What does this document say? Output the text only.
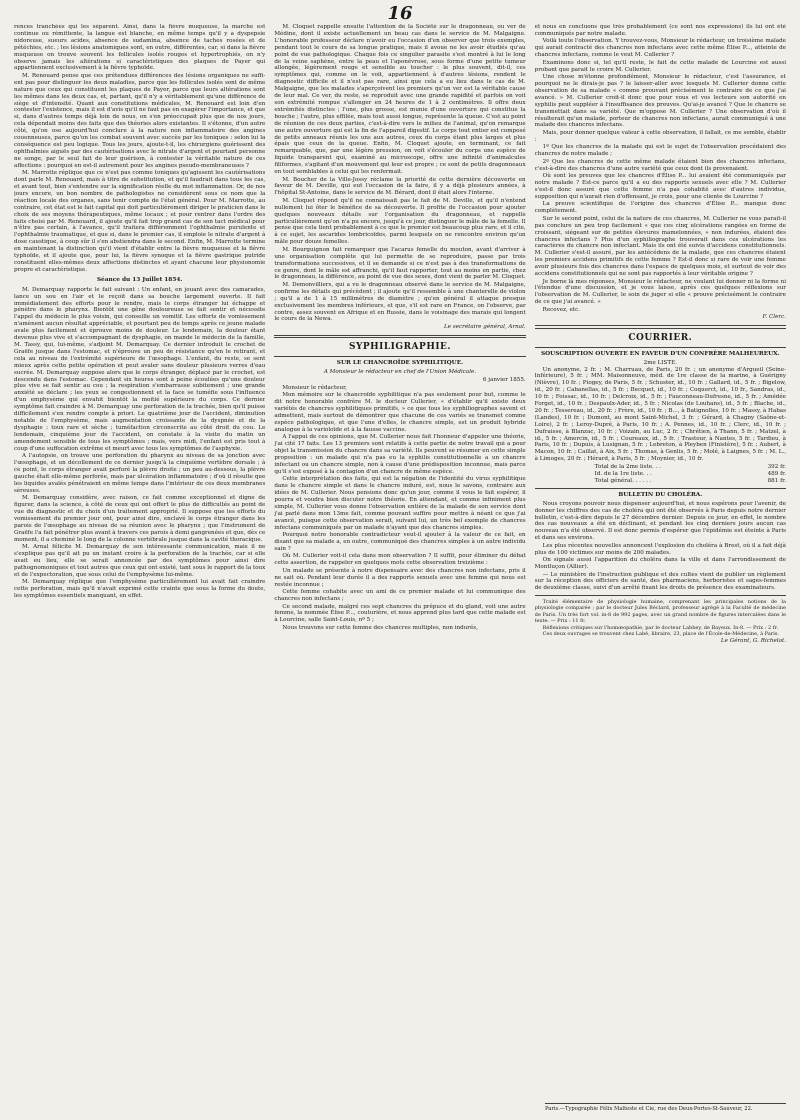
16

rences tranchées qui les séparent. Ainsi, dans la fièvre muqueuse, la marche est continue ou rémittente, la langue est blanche, en même temps qu'il y a dyspepsie nidoreuse, sueurs acides, absence de sudamina, absence de taches rosées et de pétéchies, etc. ; les lésions anatomiques sont, en outre, différentes, car, si dans la fièvre muqueuse on trouve souvent les follicules isolés rouges et hypertrophiés, on n'y observe jamais les altérations si caractéristiques des plaques de Payer qui appartiennent exclusivement à la fièvre typhoïde.

M. Renouard pense que ces prétendues différences des lésions organiques ne suffi-ent pas pour distinguer les deux maladies, parce que les follicules isolés sont de même nature que ceux qui constituent les plaques de Payer, parce que leurs altérations sont les mêmes dans les deux cas, et, partant, qu'il n'y a véritablement qu'une différence de siège et d'intensité. Quant aux constitutions médicales, M. Renouard est loin d'en contester l'existence, mais il est d'avis qu'il ne faut pas en exagérer l'importance, et que si, dans d'autres temps déjà loin de nous, on s'en préoccupait plus que de nos jours, cela dépendait moins des faits que des théories alors existantes. Il s'étonne, d'un autre côté, qu'on ose aujourd'hui conclure à la nature non inflammatoire des angines couenneuses, parce qu'on les combat souvent avec succès par les toniques : selon lui la conséquence est peu logique. Tous les jours, ajoute-t-il, les chirurgiens guérissent des ophthalmies aiguës par des cautérisations avec le nitrate d'argent et pourtant personne ne songe, par le seul fait de leur guérison, à contester la véritable nature de ces affections : pourquoi en est-il autrement pour les angines pseudo-membraneuses ?

M. Marrotte réplique que ce n'est pas comme toniques qu'agissent les cautérisations dont parle M. Renouard, mais à titre de substitution, et qu'il faudrait dans tous les cas, et avant tout, bien s'entendre sur la signification réelle du mot inflammation. Or, de nos jours encore, un bon nombre de pathologistes ne considèrent sous ce nom que la réaction locale des organes, sans tenir compte de l'état général. Pour M. Marrotte, au contraire, cet état est le fait capital qui doit particulièrement diriger le praticien dans le choix de ses moyens thérapeutiques, même locaux ; et pour rentrer dans l'ordre des faits choisi par M. Renouard, il ajoute qu'il fait trop grand cas de son tact médical pour n'être pas certain, à l'avance, qu'il traitera différemment l'ophthalmie purulente et l'ophthalmie traumatique, et que si, dans le premier cas, il emploie le nitrate d'argent à dose caustique, à coup sûr il s'en abstiendra dans le second. Enfin, M. Marrotte termine en maintenant la distinction qu'il vient d'établir entre la fièvre muqueuse et la fièvre typhoïde, et il ajoute que, pour lui, la fièvre synoque et la fièvre gastrique putride constituent elles-mêmes deux affections distinctes et ayant chacune leur physionomie propre et caractéristique.

Séance du 13 Juillet 1854.

M. Demarquay rapporte le fait suivant : Un enfant, en jouant avec des camarades, lance un sou en l'air et le reçoit dans sa bouche largement ouverte. Il fait immédiatement des efforts pour le rendre, mais le corps étranger lui échappe et pénètre dans le pharynx. Bientôt une gêne douloureuse se fait sentir et nécessite l'appel du médecin le plus voisin, qui conseille un vomitif. Les efforts de vomissement n'amènent aucun résultat appréciable, et pourtant peu de temps après ce jeune malade avale plus facilement et éprouve moins de douleur. Le lendemain, la douleur étant devenue plus vive et s'accompagnant de dysphagie, on mande le médecin de la famille, M. Tassy, qui, lui-même, s'adjoint M. Demarquay. Ce dernier introduit le crochet de Graëfe jusque dans l'estomac, et n'éprouve un peu de résistance qu'en le retirant, et cela au niveau de l'extrémité supérieure de l'œsophage. L'enfant, du reste, se sent mieux après cette petite opération et peut avaler sans douleur plusieurs verres d'eau sucrée. M. Demarquay suppose alors que le corps étranger, déplacé par le crochet, est descendu dans l'estomac. Cependant six heures sont à peine écoulées qu'une douleur plus vive se fait sentir au cou ; la respiration s'embarrasse subitement ; une grande anxiété se déclare ; les yeux se congestionnent et la face se tuméfie sous l'influence d'un emphysème qui envahit bientôt la moitié supérieure du corps. Ce dernier symptôme fait craindre à M. Demarquay une perforation de la trachée, bien qu'il puisse difficilement s'en rendre compte à priori. Le quatrième jour de l'accident, diminution notable de l'emphysème, mais augmentation croissante de la dyspnée et de la dysphagie ; toux rare et sèche ; tuméfaction circonscrite au côté droit du cou. Le lendemain, cinquième jour de l'accident, on constate à la visite du matin un amendement sensible de tous les symptômes ; mais, vers midi, l'enfant est pris tout à coup d'une suffocation extrême et meurt avec tous les symptômes de l'asphyxie.

A l'autopsie, on trouve une perforation du pharynx au niveau de sa jonction avec l'œsophage, et un décollement de ce dernier jusqu'à la cinquième vertèbre dorsale ; à ce point, le corps étranger avait perforé la plèvre droite ; un peu au-dessous, la plèvre gauche était elle-même perforée, mais par ulcération inflammatoire ; d'où il résulte que les liquides avalés pénétraient en même temps dans l'intérieur de ces deux membranes séreuses.

M. Demarquay considère, avec raison, ce fait comme exceptionnel et digne de figurer, dans la science, à côté de ceux qui ont offert le plus de difficultés au point de vue du diagnostic et du choix d'un traitement approprié. Il suppose que les efforts du vomissement du premier jour ont, pour ainsi dire, enclavé le corps étranger dans les parois de l'œsophage au niveau de sa réunion avec le pharynx ; que l'instrument de Graëfe l'a fait pénétrer plus avant à travers ces parois à demi gangrenées et que, dès ce moment, il a cheminé le long de la colonne vertébrale jusque dans la cavité thoracique.

M. Arnal félicite M. Demarquay de son intéressante communication, mais il ne s'explique pas qu'il ait pu un instant croire à la perforation de la trachée, car si elle avait eu lieu, elle se serait annoncée par des symptômes pour ainsi dire pathognomoniques et tout autres que ceux qui ont existé, tant sous le rapport de la toux et de l'expectoration, que sous celui de l'emphysème lui-même.

M. Demarquay réplique que l'emphysème particulièrement lui avait fait craindre cette perforation, mais qu'il n'avait exprimé cette crainte que sous la forme du doute, les symptômes essentiels manquant, en effet.

M. Cloquet rappelle ensuite l'attention de la Société sur le dragonneau, ou ver de Médine, dont il existe actuellement un beau cas dans le service de M. Malgaigne. L'honorable professeur déclare n'avoir eu l'occasion d'en observer que trois exemples, pendant tout le cours de sa longue pratique, mais il avoue ne les avoir étudiés qu'au point de vue pathologique. Chaque fois ce singulier parasite s'est montré à lui le long de la veine saphène, entre la peau et l'aponévrose, sous forme d'une petite tumeur allongée, légèrement rouge et sensible au toucher : le plus souvent, dit-il, ces symptômes qui, comme on le voit, appartiennent à d'autres lésions, rendent le diagnostic difficile et il n'est pas rare, ainsi que cela a eu lieu dans le cas de M. Malgaigne, que les malades s'aperçoivent les premiers qu'un ver est la véritable cause de leur mal. Ce ver, du reste, se reproduit avec une grande rapidité et parfois on voit son extrémité rompue s'allonger en 24 heures de 1 à 2 centimètres. Il offre deux extrémités distinctes ; l'une, plus grosse, est munie d'une ouverture qui constitue la bouche ; l'autre, plus effilée, mais tout aussi longue, représente la queue. C'est au point de réunion de ces deux parties, c'est-à-dire vers le milieu de l'animal, qu'on remarque une autre ouverture qui est la fin de l'appareil digestif. Le corps tout entier est composé de petits anneaux réunis les uns aux autres, ceux du corps étant plus larges et plus épais que ceux de la queue. Enfin, M. Cloquet ajoute, en terminant, ce fait remarquable, que, par une légère pression, on voit s'écouler du corps une espèce de liquide transparent qui, examiné au microscope, offre une infinité d'animalcules filiformes, s'agitant d'un mouvement qui leur est propre ; ce sont de petits dragonneaux en tout semblables à celui qui les renfermait.

M. Boucher de la Ville-Jossy réclame la priorité de cette dernière découverte en faveur de M. Deville, qui eut l'occasion de la faire, il y a déjà plusieurs années, à l'hôpital St-Antoine, dans le service de M. Bérard, dont il était alors l'interne.

M. Cloquet répond qu'il ne connaissait pas le fait de M. Deville, et qu'il n'entend nullement lui ôter le bénéfice de sa découverte. Il profite de l'occasion pour ajouter quelques nouveaux détails sur l'organisation du dragonneau, et rappelle particulièrement qu'on n'a pu encore, jusqu'à ce jour, distinguer le mâle de la femelle. Il pense que cela tient probablement à ce que le premier est beaucoup plus rare, et il cite, à ce sujet, les ascarides lombricoïdes, parmi lesquels on ne rencontre environ qu'un mâle pour douze femelles.

M. Bourguignon fait remarquer que l'acarus femelle du mouton, avant d'arriver à une organisation complète qui lui permette de se reproduire, passe par trois transformations successives, et il se demande si ce n'est pas à des transformations de ce genre, dont le mâle est affranchi, qu'il faut rapporter, tout au moins en partie, chez le dragonneau, la différence, au point de vue des sexes, dont vient de parler M. Cloquet.

M. Demonvilliers, qui a vu le dragonneau observé dans le service de M. Malgaigne, confirme les détails qui précèdent ; il ajoute qu'il ressemble à une chanterelle de violon ; qu'il a de 1 à 15 millimètres de diamètre ; qu'en général il attaque presque exclusivement les membres inférieurs, et que, s'il est rare en France, on l'observe, par contre, assez souvent en Afrique et en Russie, dans le voisinage des marais qui longent le cours de la Newa.

Le secrétaire général, Arnal.

SYPHILIGRAPHIE.
SUR LE CHANCROÏDE SYPHILITIQUE.
A Monsieur le rédacteur en chef de l'Union Médicale.

6 janvier 1855.

Monsieur le rédacteur,

Mon mémoire sur le chancroïde syphilitique n'a pas seulement pour but, comme le dit notre honorable confrère M. le docteur Cullerier, « d'établir qu'il existe deux variétés de chancres syphilitiques primitifs, » ce que tous les syphiliographes savent et admettent, mais surtout de démontrer que chacune de ces variés se transmet comme espèce pathologique, et que l'une d'elles, le chancre simple, est un produit hybride analogue à la varioloïde et à la fausse vaccine.

A l'appui de ces opinions, que M. Cullerier nous fait l'honneur d'appeler une théorie, j'ai cité 17 faits. Les 13 premiers sont relatifs à cette partie de notre travail qui a pour objet la transmission du chancre dans sa variété. Ils peuvent se résumer en cette simple proposition : un malade qui n'a pas eu la syphilis constitutionnelle a un chancre infectant ou un chancre simple, non à cause d'une prédisposition inconnue, mais parce qu'il s'est exposé à la contagion d'un chancre de même espèce.

Cette interprétation des faits, qui est la négation de l'identité du virus syphilitique dans le chancre simple et dans le chancre induré, est, nous le savons, contraire aux idées de M. Cullerier. Nous pensions donc qu'un jour, comme il vous le fait espérer, il pourra et voudra bien discuter notre théorie. En attendant, et comme infiniment plus simple, M. Cullerier vous donne l'observation entière de la malade de son service dont j'ai parlé dans mon 13me fait, comme pouvant suffire pour mettre à néant ce que j'ai avancé, puisque cette observation serait, suivant lui, un très bel exemple de chancres infectans communiqués par un malade n'ayant que des chancres simples.

Pourquoi notre honorable contradicteur veut-il ajouter à la valeur de ce fait, en disant que sa malade a, en outre, communiqué des chancres simples à un autre individu sain ?

Où M. Cullerier voit-il cela dans mon observation ? Il suffit, pour éliminer du débat cette assertion, de rappeler en quelques mots cette observation treizième :

Un malade se présente à notre dispensaire avec des chancres non infectans, pris il ne sait où. Pendant leur durée il a des rapports sexuels avec une femme qui nous est restée inconnue ;

Cette femme cohabite avec un ami de ce premier malade et lui communique des chancres non infectans ;

Ce second malade, malgré ces sept chancres du prépuce et du gland, voit une autre femme, la nommée Élise P..., couturière, et nous apprend plus tard que cette malade est à Lourcine, salle Saint-Louis, nº 5 ;

Nous trouvons sur cette femme des chancres multiples, non indurés,

et nous en concluons que très probablement (ce sont nos expressions) ils lui ont été communiqués par notre malade.

Voilà toute l'observation. Y trouvez-vous, Monsieur le rédacteur, un troisième malade qui aurait contracté des chancres non infectans avec cette même Élise P..., atteinte de chancres infectans, comme le veut M. Cullerier ?

Examinons donc si, tel qu'il reste, le fait de cette malade de Lourcine est aussi probant que parait le croire M. Cullerier.

Une chose m'étonne profondément, Monsieur le rédacteur, c'est l'assurance, et pourquoi ne le dirais-je pas ? le laisser-aller avec lesquels M. Cullerier donne cette observation de sa malade « comme prouvant précisément le contraire de ce que j'ai avancé. » M. Cullerier croit-il donc que pour vous et vos lecteurs son autorité en syphilis peut suppléer à l'insuffisance des preuves. Qu'ai-je avancé ? Que le chancre se transmettait dans sa variété. Que m'oppose M. Cullerier ? Une observation d'où il résulterait qu'un malade, porteur de chancres non infectans, aurait communiqué à une malade des chancres infectans.

Mais, pour donner quelque valeur à cette observation, il fallait, ce me semble, établir :

1º Que les chancres de la malade qui est le sujet de l'observation procédaient des chancres de notre malade ;

2º Que les chancres de cette même malade étaient bien des chancres infectans, c'est-à-dire des chancres d'une autre variété que ceux dont ils provenaient.

Où sont les preuves que les chancres d'Élise P... lui avaient été communiqués par notre malade ? Est-ce parce qu'il a eu des rapports sexuels avec elle ? M. Cullerier s'est-il donc assuré que cette femme n'a pas cohabité avec d'autres individus, supposition qui n'aurait rien d'offensant, je crois, pour une cliente de Lourcine ?

La preuve scientifique de l'origine des chancres d'Élise P... manque donc complètement.

Sur le second point, celui de la nature de ces chancres, M. Cullerier ne vous parait-il pas conclure un peu trop facilement « que ces cinq ulcérations rangées en forme de croissant, siégeant sur de petites élevures mamelonnées, » non indurées, étaient des chancres infectans ? Plus d'un syphiliographe trouverait dans ces ulcérations les caractères du chancre non infectant. Mais ils ont été suivis d'accidens constitutionnels. M. Cullerier s'est-il assuré, par les antécédens de la malade, que ces chancres étaient les premiers accidens primitifs de cette femme ? Est-il donc si rare de voir une femme avoir plusieurs fois des chancres dans l'espace de quelques mois, et surtout de voir des accidens constitutionnels qui ne sont pas rapportés à leur véritable origine ?

Je borne là mes réponses, Monsieur le rédacteur, ne voulant lui donner ni la forme ni l'étendue d'une discussion, et je vous laisse, après ces quelques réflexions sur l'observation de M. Cullerier, le soin de juger si elle « prouve précisément le contraire de ce que j'ai avancé. »

Recevez, etc.

F. Clerc.

COURRIER.
SOUSCRIPTION OUVERTE EN FAVEUR D'UN CONFRÈRE MALHEUREUX.
2me LISTE.

Un anonyme, 2 fr. ; M. Charruau, de Paris, 20 fr. ; un anonyme d'Argueil (Seine-Inférieure), 5 fr. ; MM. Maisonneuve, méd. de 1re classe de la marine, à Guérigny (Nièvre), 10 fr. ; Piogey, de Paris, 5 fr. ; Schuster, id., 10 fr. ; Gallard, id., 5 fr. ; Bigelow, id., 20 fr. ; Cabanellas, id., 5 fr. ; Becquet, id., 10 fr. ; Coquerct, id., 10 fr., Sandras, id., 10 fr. ; Foissac, id., 10 fr. ; Delcroix, id., 5 fr. ; Fauconneau-Dufresne, id., 5 fr. ; Amédée Forget, id., 10 fr. ; Despaulx-Ader, id., 5 fr. ; Nicolas (de Louhans), id., 5 fr. ; Blache, id., 20 fr. ; Tessereau, id., 20 fr. ; Frère, id., 10 fr. ; B..., à Batignolles, 10 fr. ; Massy, à Habas (Landes), 10 fr. ; Dumont, au mont Saint-Michel, 3 fr. ; Gérard, à Chagny (Saône-et-Loire), 2 fr. ; Leroy-Dupré, à Paris, 10 fr. ; A. Pennes, id., 10 fr. ; Clerc, id., 10 fr. ; Dufraisse, à Blanzac, 10 fr. ; Voizain, au Luc, 2 fr. ; Chrétien, à Thann, 5 fr. ; Matzel, à id., 5 fr. ; Amercin, id., 5 fr. ; Coureaux, id., 5 fr. ; Trastour, à Nantes, 5 fr. ; Tardieu, à Paris, 10 fr. ; Dupuis, à Lusignan, 5 fr. ; Lebreton, à Pleyben (Finistère), 5 fr. ; Aubert, à Macon, 10 fr. ; Caillat, à Aix, 5 fr. ; Thomas, à Genlis, 5 fr. ; Molé, à Laignes, 5 fr. ; M. L., à Limoges, 20 fr. ; Hérard, à Paris, 5 fr. ; Moynier, id., 10 fr.

Total de la 2me liste. . .	392 fr.
Id. de la 1re liste. . .	489 fr.
Total général. . . . . .	881 fr.
BULLETIN DU CHOLÉRA.

Nous croyons pouvoir nous dispenser aujourd'hui, et nous espérons pour l'avenir, de donner les chiffres des cas de choléra qui ont été observés à Paris depuis notre dernier bulletin, c'est-à-dire depuis le 27 décembre dernier. Depuis ce jour, en effet, le nombre des cas nouveaux a été en déclinant, et pendant les cinq derniers jours aucun cas nouveau n'a été observé. Il est donc permis d'espérer que l'épidémie est éteinte à Paris et dans ses environs.

Les plus récentes nouvelles annoncent l'explosion du choléra à Brest, où il a fait déjà plus de 100 victimes sur moins de 200 malades.

On signale aussi l'apparition du choléra dans la ville et dans l'arrondissement de Montluçon (Allier).

— Le ministère de l'instruction publique et des cultes vient de publier un règlement sur la réception des officiers de santé, des pharmaciens, herboristes et sages-femmes de deuxième classe, suivi d'un arrêté fixant les droits de présence des examinateurs.

Traité élémentaire de physiologie humaine, comprenant les principales notions de la physiologie comparée ; par le docteur Jules Béclard, professeur agrégé à la Faculté de médecine de Paris. Un très fort vol. in-8 de 992 pages, avec un grand nombre de figures intercalées dans le texte. — Prix : 11 fr.

Réflexions critiques sur l'homœopathie, par le docteur Labbey, de Bayeux. In-8. — Prix : 2 fr.

Ces deux ouvrages se trouvent chez Labé, libraire, 23, place de l'École-de-Médecine, à Paris.

Le Gérant, G. Richelot.

Paris.—Typographie Félix Malteste et Cie, rue des Deux-Portes-St-Sauveur, 22.
